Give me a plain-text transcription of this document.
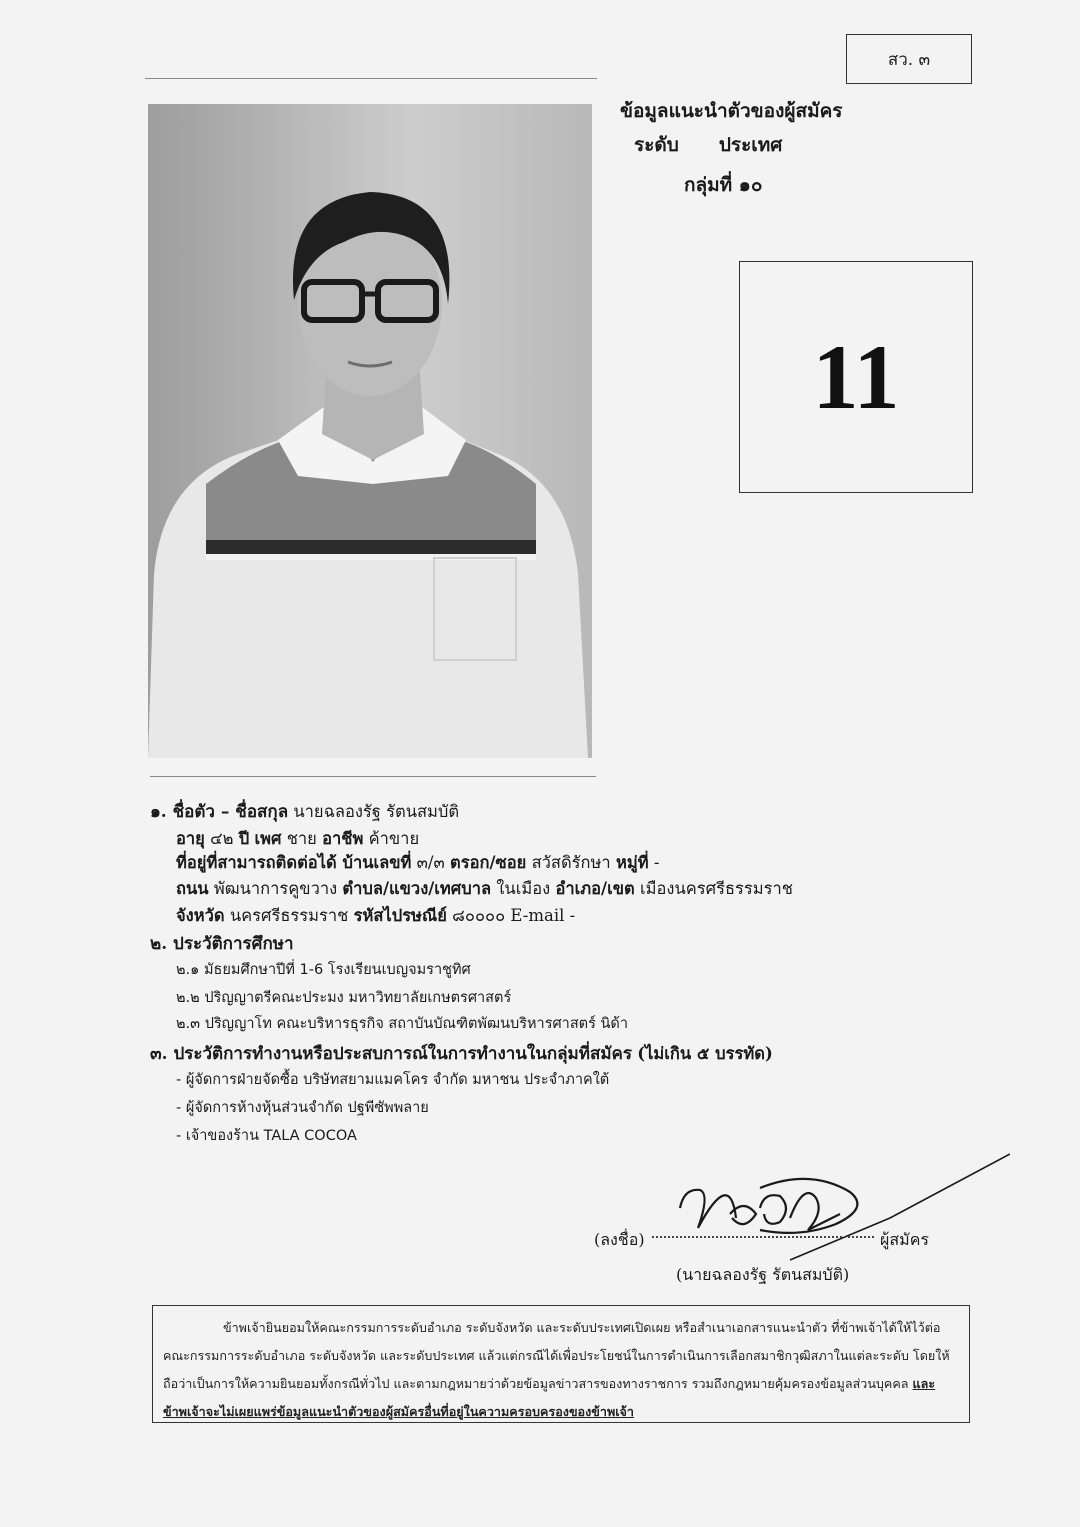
สว. ๓
ข้อมูลแนะนำตัวของผู้สมัคร
ระดับ ประเทศ
กลุ่มที่ ๑๐
11
๑. ชื่อตัว – ชื่อสกุล นายฉลองรัฐ รัตนสมบัติ
อายุ ๔๒ ปี เพศ ชาย อาชีพ ค้าขาย
ที่อยู่ที่สามารถติดต่อได้ บ้านเลขที่ ๓/๓ ตรอก/ซอย สวัสดิรักษา หมู่ที่ -
ถนน พัฒนาการคูขวาง ตำบล/แขวง/เทศบาล ในเมือง อำเภอ/เขต เมืองนครศรีธรรมราช
จังหวัด นครศรีธรรมราช รหัสไปรษณีย์ ๘๐๐๐๐ E-mail -
๒. ประวัติการศึกษา
๒.๑ มัธยมศึกษาปีที่ 1-6 โรงเรียนเบญจมราชูทิศ
๒.๒ ปริญญาตรีคณะประมง มหาวิทยาลัยเกษตรศาสตร์
๒.๓ ปริญญาโท คณะบริหารธุรกิจ สถาบันบัณฑิตพัฒนบริหารศาสตร์ นิด้า
๓. ประวัติการทำงานหรือประสบการณ์ในการทำงานในกลุ่มที่สมัคร (ไม่เกิน ๕ บรรทัด)
- ผู้จัดการฝ่ายจัดซื้อ บริษัทสยามแมคโคร จำกัด มหาชน ประจำภาคใต้
- ผู้จัดการห้างหุ้นส่วนจำกัด ปฐพีซัพพลาย
- เจ้าของร้าน TALA COCOA
(ลงชื่อ)	ผู้สมัคร
(นายฉลองรัฐ รัตนสมบัติ)

ข้าพเจ้ายินยอมให้คณะกรรมการระดับอำเภอ ระดับจังหวัด และระดับประเทศเปิดเผย หรือสำเนาเอกสารแนะนำตัว ที่ข้าพเจ้าได้ให้ไว้ต่อคณะกรรมการระดับอำเภอ ระดับจังหวัด และระดับประเทศ แล้วแต่กรณีได้เพื่อประโยชน์ในการดำเนินการเลือกสมาชิกวุฒิสภาในแต่ละระดับ โดยให้ถือว่าเป็นการให้ความยินยอมทั้งกรณีทั่วไป และตามกฎหมายว่าด้วยข้อมูลข่าวสารของทางราชการ รวมถึงกฎหมายคุ้มครองข้อมูลส่วนบุคคล และข้าพเจ้าจะไม่เผยแพร่ข้อมูลแนะนำตัวของผู้สมัครอื่นที่อยู่ในความครอบครองของข้าพเจ้า
